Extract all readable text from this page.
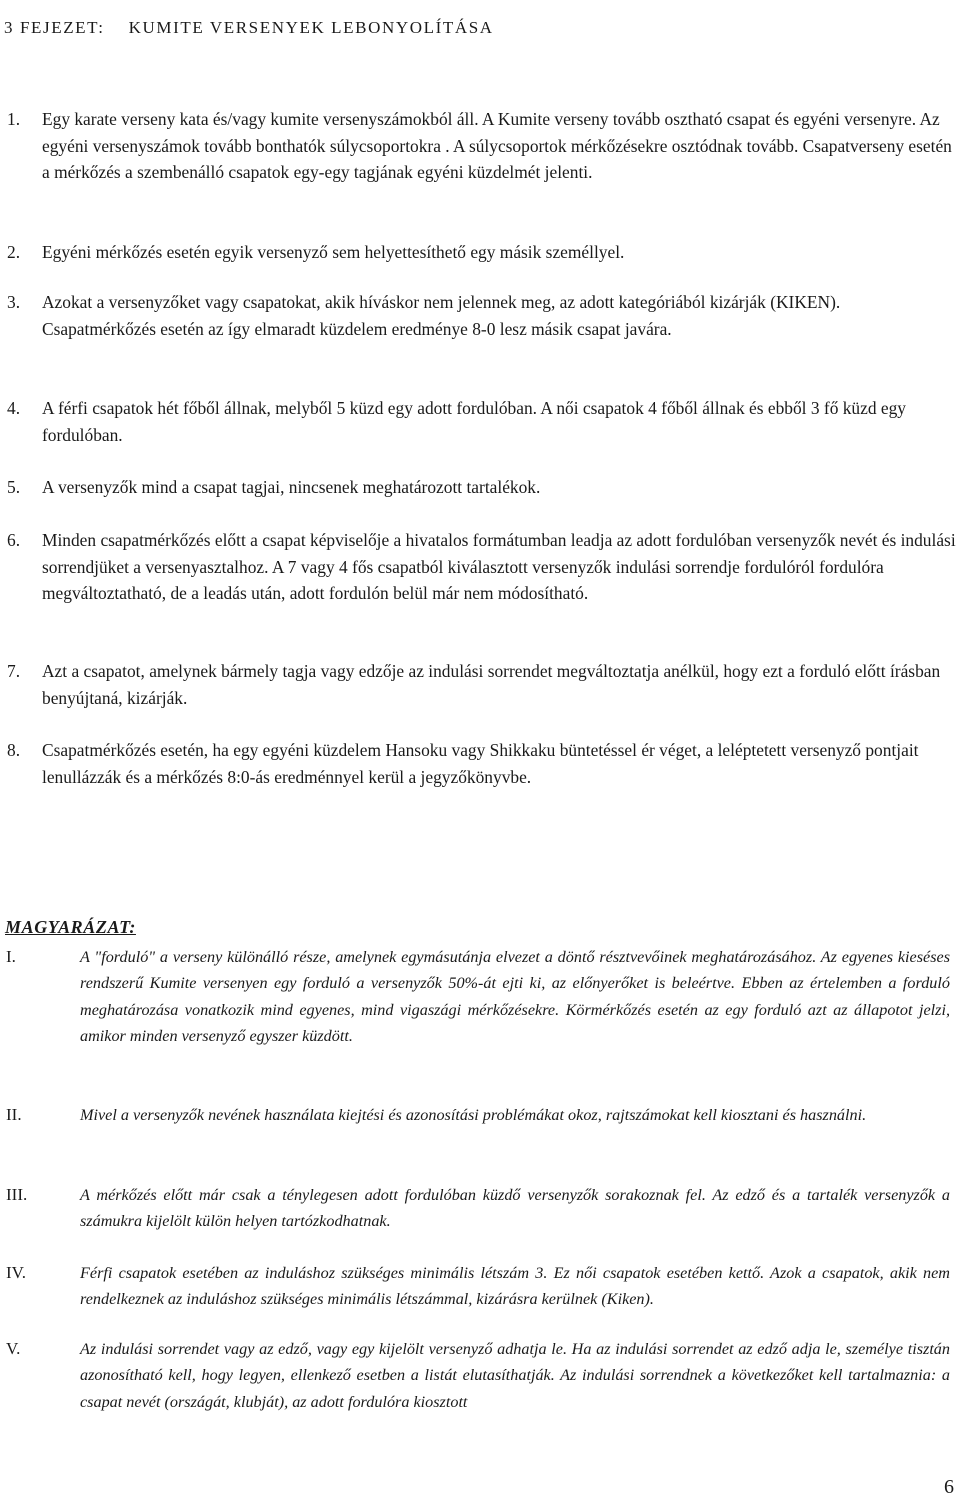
3 FEJEZET: KUMITE VERSENYEK LEBONYOLÍTÁSA
1. Egy karate verseny kata és/vagy kumite versenyszámokból áll. A Kumite verseny tovább osztható csapat és egyéni versenyre. Az egyéni versenyszámok tovább bonthatók súlycsoportokra . A súlycsoportok mérkőzésekre osztódnak tovább. Csapatverseny esetén a mérkőzés a szembenálló csapatok egy-egy tagjának egyéni küzdelmét jelenti.
2. Egyéni mérkőzés esetén egyik versenyző sem helyettesíthető egy másik személlyel.
3. Azokat a versenyzőket vagy csapatokat, akik híváskor nem jelennek meg, az adott kategóriából kizárják (KIKEN). Csapatmérkőzés esetén az így elmaradt küzdelem eredménye 8-0 lesz másik csapat javára.
4. A férfi csapatok hét főből állnak, melyből 5 küzd egy adott fordulóban. A női csapatok 4 főből állnak és ebből 3 fő küzd egy fordulóban.
5. A versenyzők mind a csapat tagjai, nincsenek meghatározott tartalékok.
6. Minden csapatmérkőzés előtt a csapat képviselője a hivatalos formátumban leadja az adott fordulóban versenyzők nevét és indulási sorrendjüket a versenyasztalhoz. A 7 vagy 4 fős csapatból kiválasztott versenyzők indulási sorrendje fordulóról fordulóra megváltoztatható, de a leadás után, adott fordulón belül már nem módosítható.
7. Azt a csapatot, amelynek bármely tagja vagy edzője az indulási sorrendet megváltoztatja anélkül, hogy ezt a forduló előtt írásban benyújtaná, kizárják.
8. Csapatmérkőzés esetén, ha egy egyéni küzdelem Hansoku vagy Shikkaku büntetéssel ér véget, a leléptetett versenyző pontjait lenullázzák és a mérkőzés 8:0-ás eredménnyel kerül a jegyzőkönyvbe.
MAGYARÁZAT:
I.	A "forduló" a verseny különálló része, amelynek egymásutánja elvezet a döntő résztvevőinek meghatározásához. Az egyenes kieséses rendszerű Kumite versenyen egy forduló a versenyzők 50%-át ejti ki, az előnyerőket is beleértve. Ebben az értelemben a forduló meghatározása vonatkozik mind egyenes, mind vigaszági mérkőzésekre. Körmérkőzés esetén az egy forduló azt az állapotot jelzi, amikor minden versenyző egyszer küzdött.
II.	Mivel a versenyzők nevének használata kiejtési és azonosítási problémákat okoz, rajtszámokat kell kiosztani és használni.
III.	A mérkőzés előtt már csak a ténylegesen adott fordulóban küzdő versenyzők sorakoznak fel. Az edző és a tartalék versenyzők a számukra kijelölt külön helyen tartózkodhatnak.
IV.	Férfi csapatok esetében az induláshoz szükséges minimális létszám 3. Ez női csapatok esetében kettő. Azok a csapatok, akik nem rendelkeznek az induláshoz szükséges minimális létszámmal, kizárásra kerülnek (Kiken).
V.	Az indulási sorrendet vagy az edző, vagy egy kijelölt versenyző adhatja le. Ha az indulási sorrendet az edző adja le, személye tisztán azonosítható kell, hogy legyen, ellenkező esetben a listát elutasíthatják. Az indulási sorrendnek a következőket kell tartalmaznia: a csapat nevét (országát, klubját), az adott fordulóra kiosztott
6
